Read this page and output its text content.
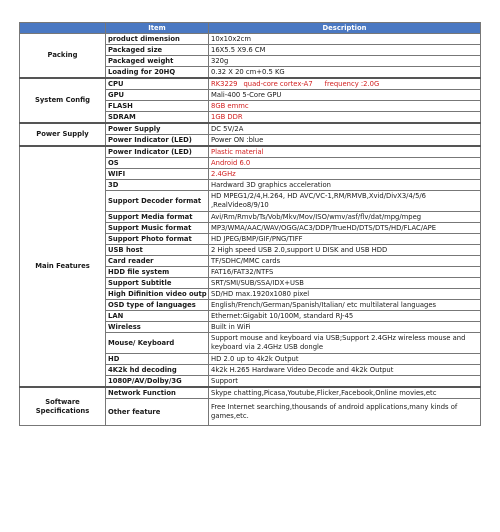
	Item	Description
Packing	product dimension	10x10x2cm
	Packaged size	16X5.5 X9.6 CM
	Packaged weight	320g
	Loading for 20HQ	0.32 X 20 cm+0.5 KG
System Config	CPU	RK3229 quad-core cortex-A7 frequency :2.0G
	GPU	Mali-400 5-Core GPU
	FLASH	8GB emmc
	SDRAM	1GB DDR
Power Supply	Power Supply	DC 5V/2A
	Power Indicator (LED)	Power ON :blue
Main Features	Power Indicator (LED)	Plastic material
	OS	Android 6.0
	WIFI	2.4GHz
	3D	Hardward 3D graphics acceleration
	Support Decoder format	HD MPEG1/2/4,H.264, HD AVC/VC-1,RM/RMVB,Xvid/DivX3/4/5/6 ,RealVideo8/9/10
	Support Media format	Avi/Rm/Rmvb/Ts/Vob/Mkv/Mov/ISO/wmv/asf/flv/dat/mpg/mpeg
	Support Music format	MP3/WMA/AAC/WAV/OGG/AC3/DDP/TrueHD/DTS/DTS/HD/FLAC/APE
	Support Photo format	HD JPEG/BMP/GIF/PNG/TIFF
	USB host	2 High speed USB 2.0,support U DISK and USB HDD
	Card reader	TF/SDHC/MMC cards
	HDD file system	FAT16/FAT32/NTFS
	Support Subtitle	SRT/SMI/SUB/SSA/IDX+USB
	High Difinition video outp	SD/HD max.1920x1080 pixel
	OSD type of languages	English/French/German/Spanish/Italian/ etc multilateral languages
	LAN	Ethernet:Gigabit 10/100M, standard RJ-45
	Wireless	Built in WiFi
	Mouse/ Keyboard	Support mouse and keyboard via USB;Support 2.4GHz wireless mouse and keyboard via 2.4GHz USB dongle
	HD	HD 2.0 up to 4k2k Output
	4K2k hd decoding	4k2k H.265 Hardware Video Decode and 4k2k Output
	1080P/AV/Dolby/3G	Support
Software Specifications	Network Function	Skype chatting,Picasa,Youtube,Flicker,Facebook,Online movies,etc
	Other feature	Free Internet searching,thousands of android applications,many kinds of games,etc.
